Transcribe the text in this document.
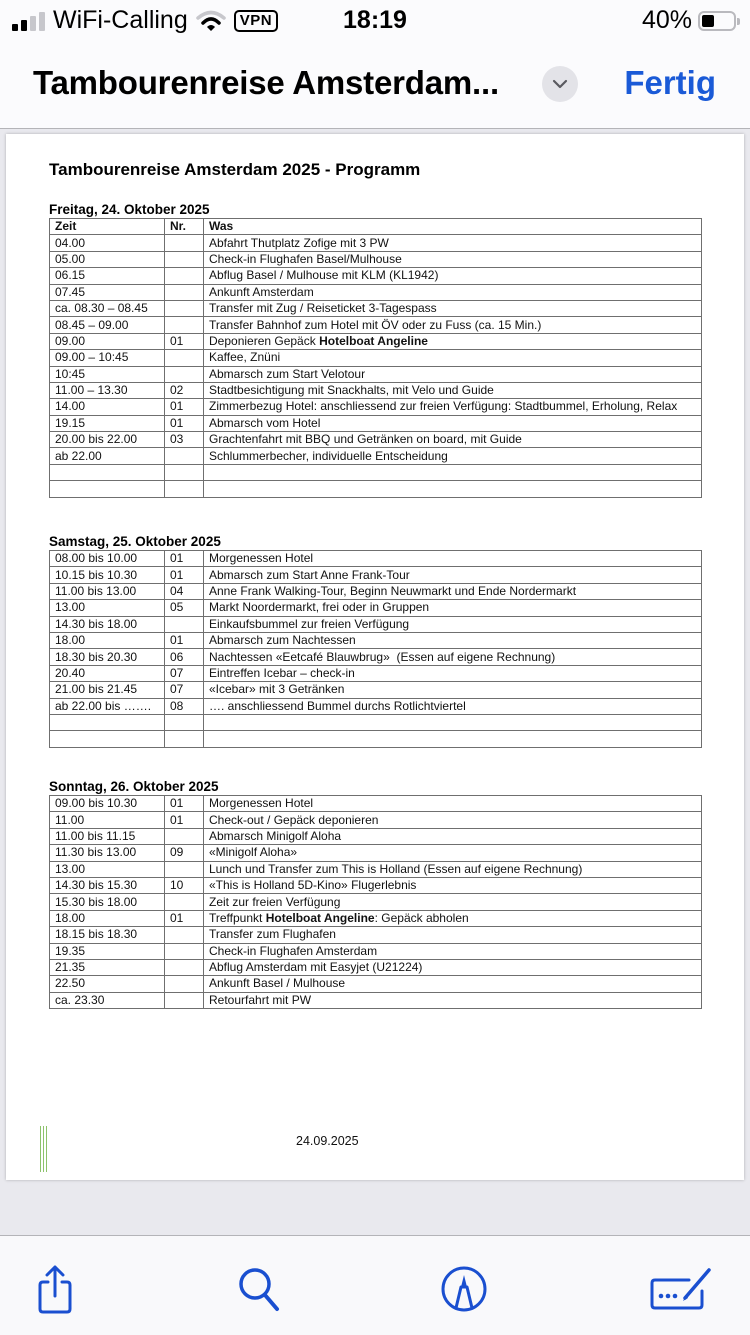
WiFi-Calling	VPN	18:19	40%
Tambourenreise Amsterdam...	Fertig
Tambourenreise Amsterdam 2025 - Programm
Freitag, 24. Oktober 2025
Zeit	Nr.	Was
04.00		Abfahrt Thutplatz Zofige mit 3 PW
05.00		Check-in Flughafen Basel/Mulhouse
06.15		Abflug Basel / Mulhouse mit KLM (KL1942)
07.45		Ankunft Amsterdam
ca. 08.30 – 08.45		Transfer mit Zug / Reiseticket 3-Tagespass
08.45 – 09.00		Transfer Bahnhof zum Hotel mit ÖV oder zu Fuss (ca. 15 Min.)
09.00	01	Deponieren Gepäck Hotelboat Angeline
09.00 – 10:45		Kaffee, Znüni
10:45		Abmarsch zum Start Velotour
11.00 – 13.30	02	Stadtbesichtigung mit Snackhalts, mit Velo und Guide
14.00	01	Zimmerbezug Hotel: anschliessend zur freien Verfügung: Stadtbummel, Erholung, Relax
19.15	01	Abmarsch vom Hotel
20.00 bis 22.00	03	Grachtenfahrt mit BBQ und Getränken on board, mit Guide
ab 22.00		Schlummerbecher, individuelle Entscheidung

Samstag, 25. Oktober 2025
08.00 bis 10.00	01	Morgenessen Hotel
10.15 bis 10.30	01	Abmarsch zum Start Anne Frank-Tour
11.00 bis 13.00	04	Anne Frank Walking-Tour, Beginn Neuwmarkt und Ende Nordermarkt
13.00	05	Markt Noordermarkt, frei oder in Gruppen
14.30 bis 18.00		Einkaufsbummel zur freien Verfügung
18.00	01	Abmarsch zum Nachtessen
18.30 bis 20.30	06	Nachtessen «Eetcafé Blauwbrug»  (Essen auf eigene Rechnung)
20.40	07	Eintreffen Icebar – check-in
21.00 bis 21.45	07	«Icebar» mit 3 Getränken
ab 22.00 bis …….	08	…. anschliessend Bummel durchs Rotlichtviertel

Sonntag, 26. Oktober 2025
09.00 bis 10.30	01	Morgenessen Hotel
11.00	01	Check-out / Gepäck deponieren
11.00 bis 11.15		Abmarsch Minigolf Aloha
11.30 bis 13.00	09	«Minigolf Aloha»
13.00		Lunch und Transfer zum This is Holland (Essen auf eigene Rechnung)
14.30 bis 15.30	10	«This is Holland 5D-Kino» Flugerlebnis
15.30 bis 18.00		Zeit zur freien Verfügung
18.00	01	Treffpunkt Hotelboat Angeline: Gepäck abholen
18.15 bis 18.30		Transfer zum Flughafen
19.35		Check-in Flughafen Amsterdam
21.35		Abflug Amsterdam mit Easyjet (U21224)
22.50		Ankunft Basel / Mulhouse
ca. 23.30		Retourfahrt mit PW
24.09.2025
